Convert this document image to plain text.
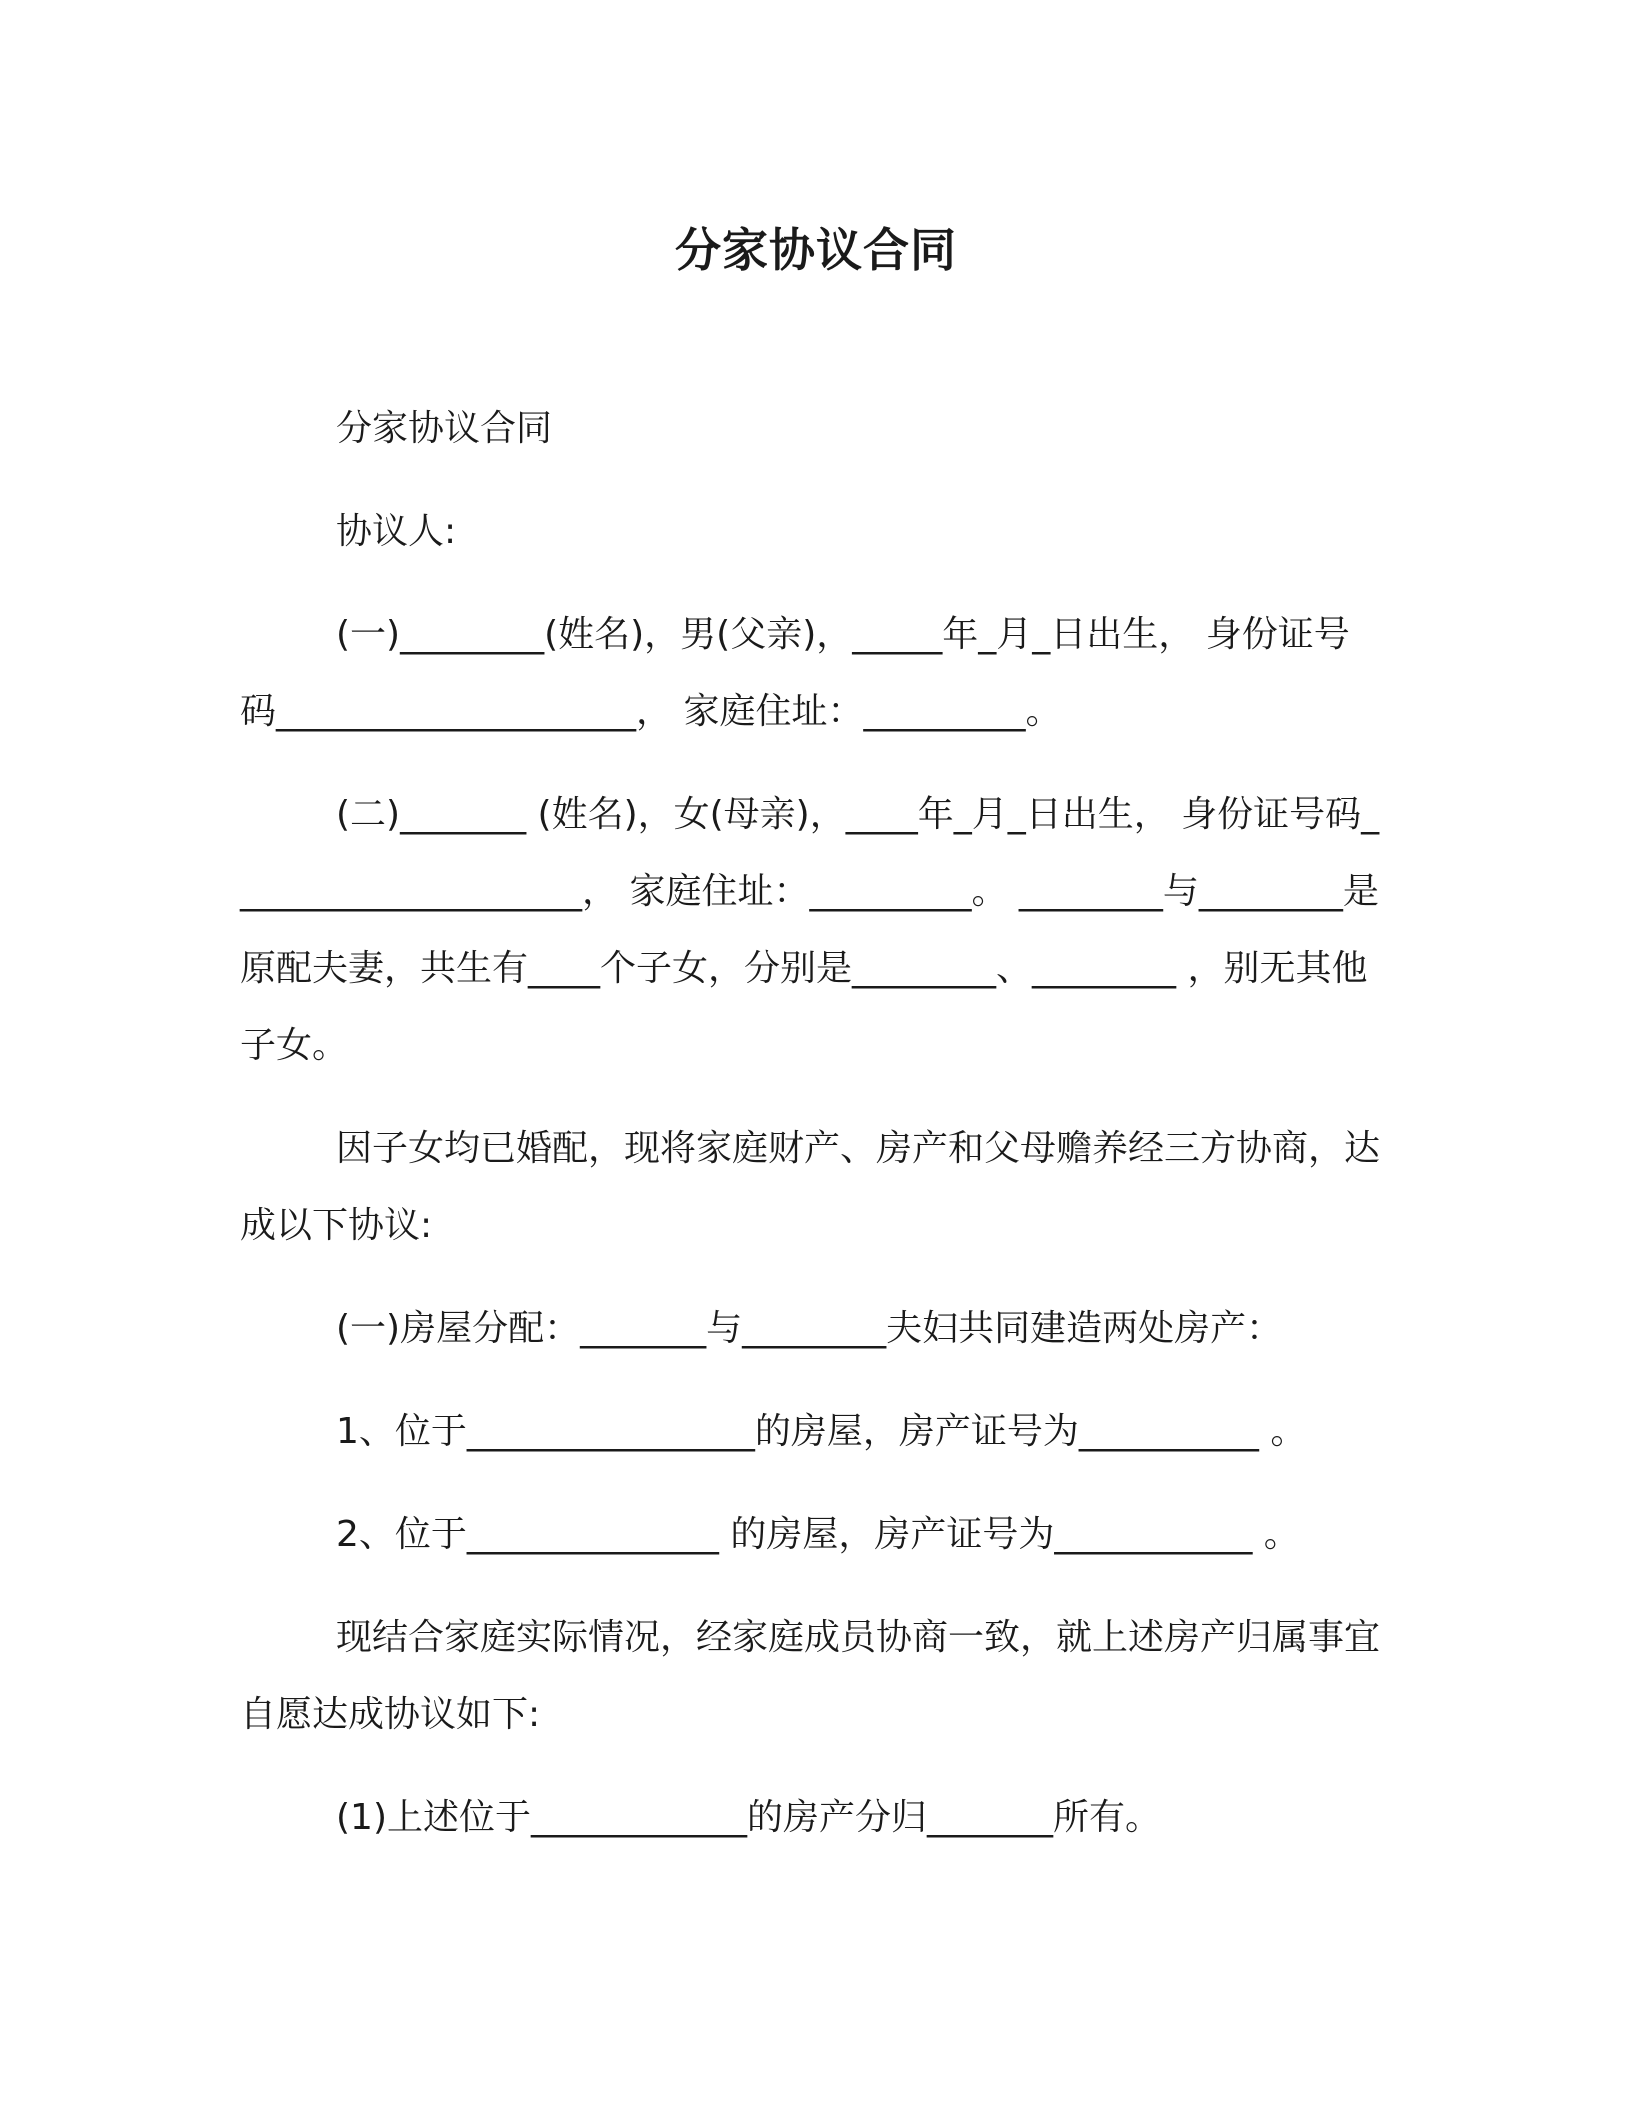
分家协议合同

分家协议合同

协议人:

(一)________(姓名)，男(父亲)，_____年_月_日出生， 身份证号码____________________， 家庭住址：_________。

(二)_______ (姓名)，女(母亲)，____年_月_日出生， 身份证号码____________________， 家庭住址：_________。 ________与________是原配夫妻，共生有____个子女，分别是________、________ ，别无其他子女。

因子女均已婚配，现将家庭财产、房产和父母赡养经三方协商，达成以下协议:

(一)房屋分配：_______与________夫妇共同建造两处房产：

1、位于________________的房屋，房产证号为__________ 。

2、位于______________ 的房屋，房产证号为___________ 。

现结合家庭实际情况，经家庭成员协商一致，就上述房产归属事宜自愿达成协议如下:

(1)上述位于____________的房产分归_______所有。
